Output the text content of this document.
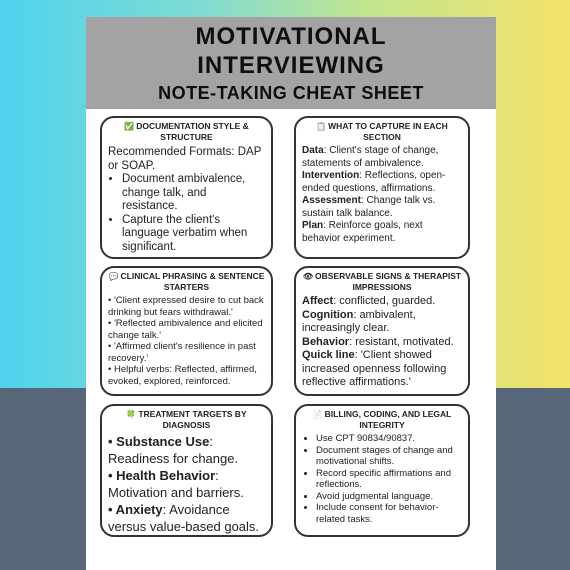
MOTIVATIONAL
INTERVIEWING
NOTE-TAKING CHEAT SHEET
✅ DOCUMENTATION STYLE & STRUCTURE
Recommended Formats: DAP or SOAP.
• Document ambivalence, change talk, and resistance.
• Capture the client's language verbatim when significant.
📋 WHAT TO CAPTURE IN EACH SECTION
Data: Client's stage of change, statements of ambivalence.
Intervention: Reflections, open-ended questions, affirmations.
Assessment: Change talk vs. sustain talk balance.
Plan: Reinforce goals, next behavior experiment.
💬 CLINICAL PHRASING & SENTENCE STARTERS
• 'Client expressed desire to cut back drinking but fears withdrawal.'
• 'Reflected ambivalence and elicited change talk.'
• 'Affirmed client's resilience in past recovery.'
• Helpful verbs: Reflected, affirmed, evoked, explored, reinforced.
👁 OBSERVABLE SIGNS & THERAPIST IMPRESSIONS
Affect: conflicted, guarded.
Cognition: ambivalent, increasingly clear.
Behavior: resistant, motivated.
Quick line: 'Client showed increased openness following reflective affirmations.'
🍀 TREATMENT TARGETS BY DIAGNOSIS
• Substance Use: Readiness for change.
• Health Behavior: Motivation and barriers.
• Anxiety: Avoidance versus value-based goals.
📄 BILLING, CODING, AND LEGAL INTEGRITY
• Use CPT 90834/90837.
• Document stages of change and motivational shifts.
• Record specific affirmations and reflections.
• Avoid judgmental language.
• Include consent for behavior-related tasks.
